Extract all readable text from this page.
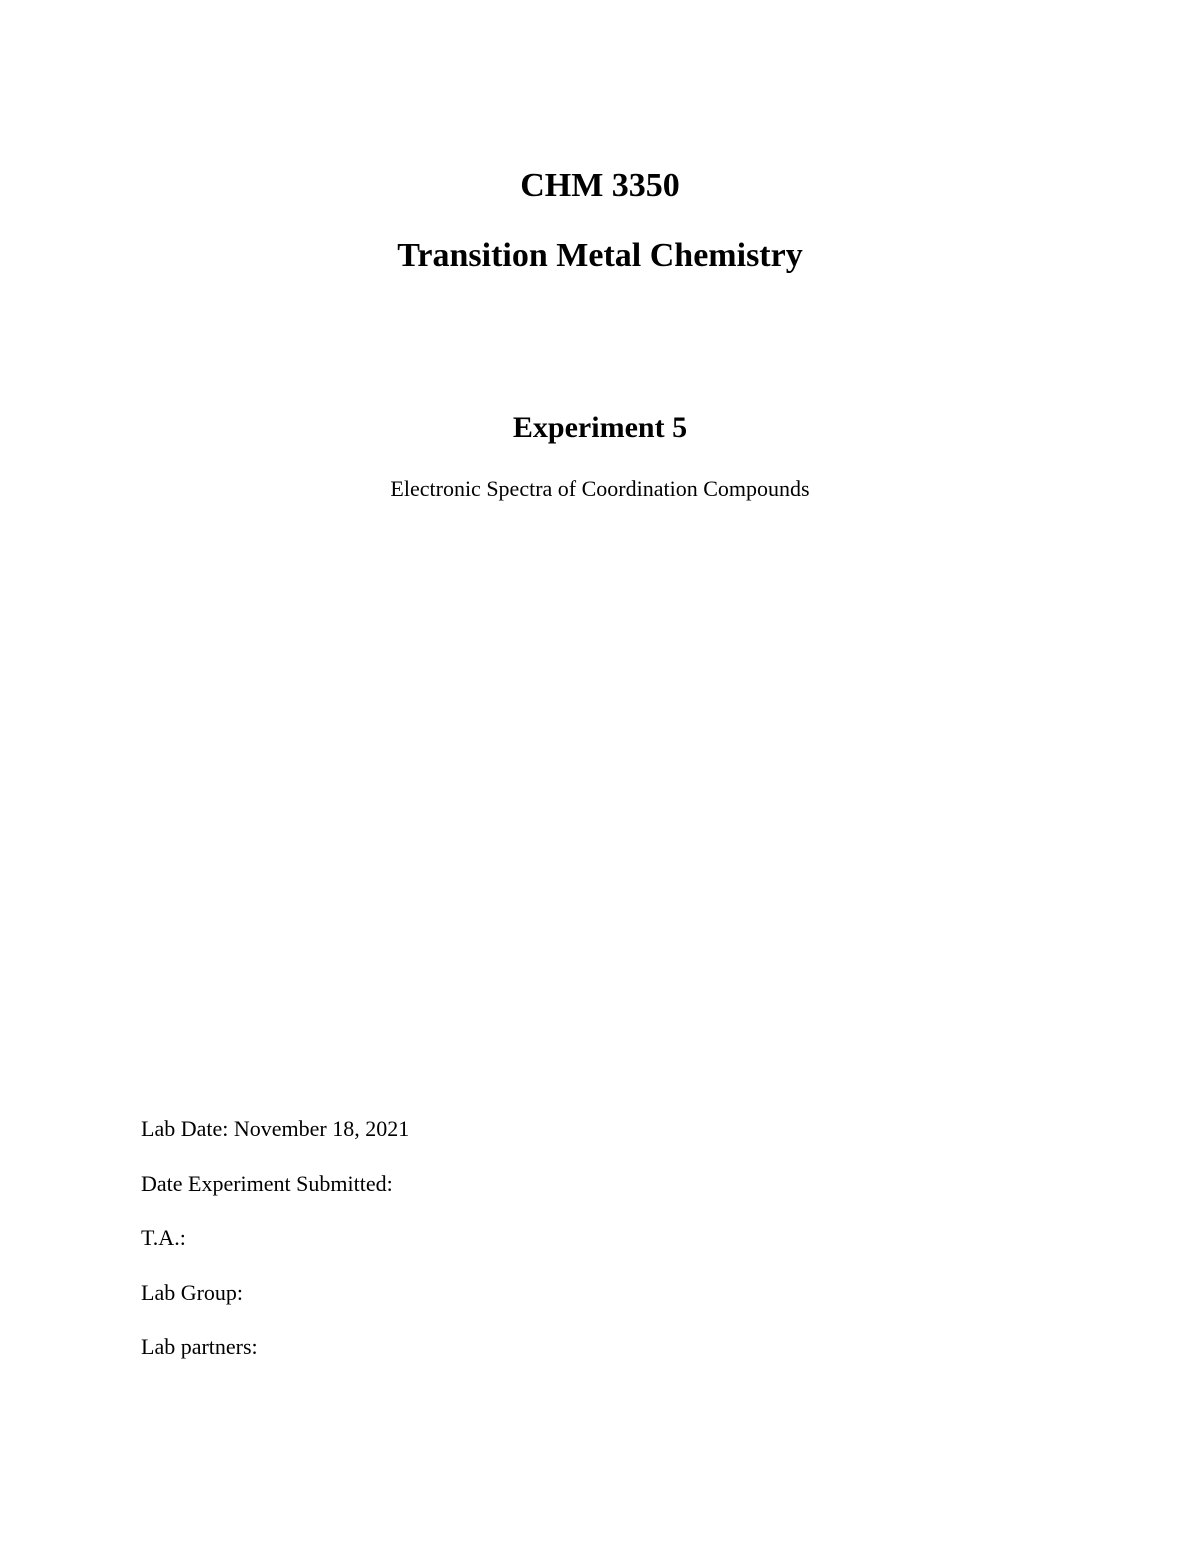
CHM 3350
Transition Metal Chemistry
Experiment 5
Electronic Spectra of Coordination Compounds
Lab Date: November 18, 2021
Date Experiment Submitted:
T.A.:
Lab Group:
Lab partners:
